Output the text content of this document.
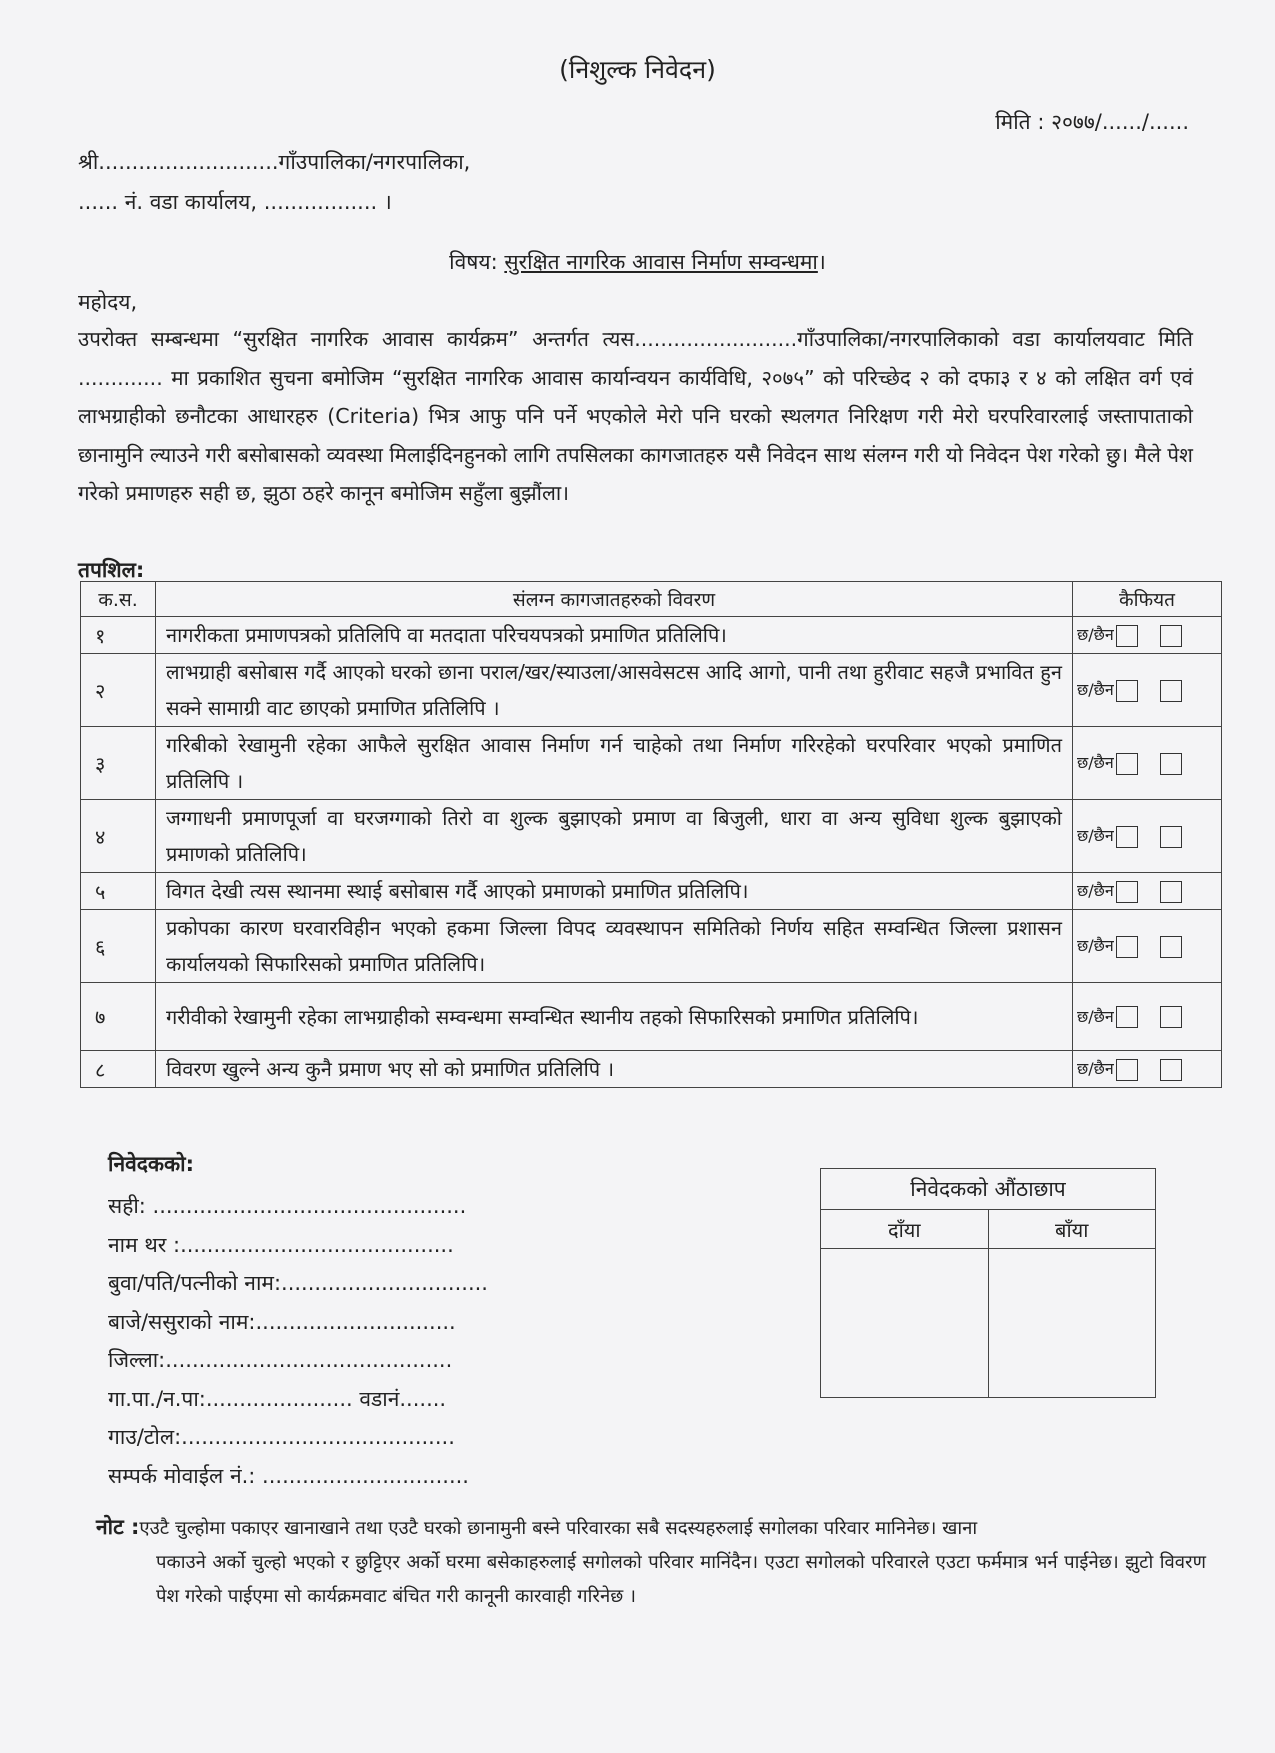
(निशुल्क निवेदन)
मिति : २०७७/....../......
श्री...........................गाँउपालिका/नगरपालिका,
...... नं. वडा कार्यालय, ................. ।
विषय: सुरक्षित नागरिक आवास निर्माण सम्वन्धमा।
महोदय,
उपरोक्त सम्बन्धमा “सुरक्षित नागरिक आवास कार्यक्रम” अन्तर्गत त्यस.........................गाँउपालिका/नगरपालिकाको वडा कार्यालयवाट मिति ............. मा प्रकाशित सुचना बमोजिम “सुरक्षित नागरिक आवास कार्यान्वयन कार्यविधि, २०७५” को परिच्छेद २ को दफा३ र ४ को लक्षित वर्ग एवं लाभग्राहीको छनौटका आधारहरु (Criteria) भित्र आफु पनि पर्ने भएकोले मेरो पनि घरको स्थलगत निरिक्षण गरी मेरो घरपरिवारलाई जस्तापाताको छानामुनि ल्याउने गरी बसोबासको व्यवस्था मिलाईदिनहुनको लागि तपसिलका कागजातहरु यसै निवेदन साथ संलग्न गरी यो निवेदन पेश गरेको छु। मैले पेश गरेको प्रमाणहरु सही छ, झुठा ठहरे कानून बमोजिम सहुँला बुझौंला।
तपशिल:
क.स.	संलग्न कागजातहरुको विवरण	कैफियत
१	नागरीकता प्रमाणपत्रको प्रतिलिपि वा मतदाता परिचयपत्रको प्रमाणित प्रतिलिपि।	छ/छैन
२	लाभग्राही बसोबास गर्दै आएको घरको छाना पराल/खर/स्याउला/आसवेसटस आदि आगो, पानी तथा हुरीवाट सहजै प्रभावित हुन सक्ने सामाग्री वाट छाएको प्रमाणित प्रतिलिपि ।	छ/छैन
३	गरिबीको रेखामुनी रहेका आफैले सुरक्षित आवास निर्माण गर्न चाहेको तथा निर्माण गरिरहेको घरपरिवार भएको प्रमाणित प्रतिलिपि ।	छ/छैन
४	जग्गाधनी प्रमाणपूर्जा वा घरजग्गाको तिरो वा शुल्क बुझाएको प्रमाण वा बिजुली, धारा वा अन्य सुविधा शुल्क बुझाएको प्रमाणको प्रतिलिपि।	छ/छैन
५	विगत देखी त्यस स्थानमा स्थाई बसोबास गर्दै आएको प्रमाणको प्रमाणित प्रतिलिपि।	छ/छैन
६	प्रकोपका कारण घरवारविहीन भएको हकमा जिल्ला विपद व्यवस्थापन समितिको निर्णय सहित सम्वन्धित जिल्ला प्रशासन कार्यालयको सिफारिसको प्रमाणित प्रतिलिपि।	छ/छैन
७	गरीवीको रेखामुनी रहेका लाभग्राहीको सम्वन्धमा सम्वन्धित स्थानीय तहको सिफारिसको प्रमाणित प्रतिलिपि।	छ/छैन
८	विवरण खुल्ने अन्य कुनै प्रमाण भए सो को प्रमाणित प्रतिलिपि ।	छ/छैन
निवेदकको:
सही: ...............................................
नाम थर :.........................................
बुवा/पति/पत्नीको नाम:...............................
बाजे/ससुराको नाम:..............................
जिल्ला:...........................................
गा.पा./न.पा:...................... वडानं.......
गाउ/टोल:.........................................
सम्पर्क मोवाईल नं.: ...............................
निवेदकको औंठाछाप	
दाँया	बाँया

नोट :एउटै चुल्होमा पकाएर खानाखाने तथा एउटै घरको छानामुनी बस्ने परिवारका सबै सदस्यहरुलाई सगोलका परिवार मानिनेछ। खाना
पकाउने अर्को चुल्हो भएको र छुट्टिएर अर्को घरमा बसेकाहरुलाई सगोलको परिवार मानिंदैन। एउटा सगोलको परिवारले एउटा फर्ममात्र भर्न पाईनेछ। झुटो विवरण पेश गरेको पाईएमा सो कार्यक्रमवाट बंचित गरी कानूनी कारवाही गरिनेछ ।
